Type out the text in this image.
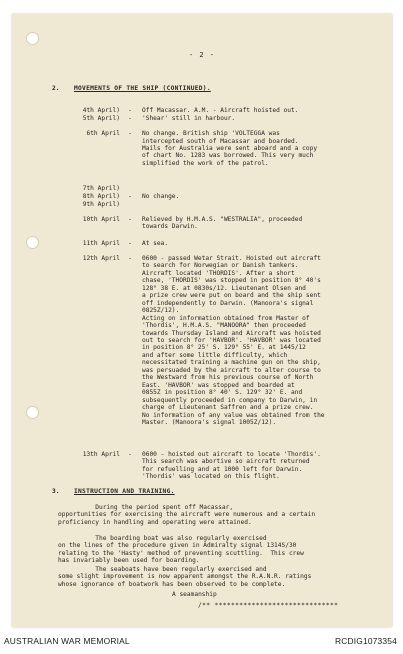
- 2 -
2. MOVEMENTS OF THE SHIP (CONTINUED).
4th April)	-	Off Macassar. A.M. - Aircraft hoisted out.
5th April)	-	'Shear' still in harbour.
6th April	-	No change. British ship 'VOLTEGGA was
intercepted south of Macassar and boarded.
Mails for Australia were sent aboard and a copy
of chart No. 1283 was borrowed. This very much
simplified the work of the patrol.
7th April)
8th April)	-	No change.
9th April)
10th April	-	Relieved by H.M.A.S. "WESTRALIA", proceeded
towards Darwin.
11th April	-	At sea.
12th April	-	0600 - passed Wetar Strait. Hoisted out aircraft
to search for Norwegian or Danish tankers.
Aircraft located 'THORDIS'. After a short
chase, 'THORDIS' was stopped in position 8° 40's
128° 38 E. at 0830s/12. Lieutenant Olsen and
a prize crew were put on board and the ship sent
off independently to Darwin. (Manoora's signal
0825Z/12).
Acting on information obtained from Master of
'Thordis', H.M.A.S. "MANOORA" then proceeded
towards Thursday Island and Aircraft was hoisted
out to search for 'HAVBOR'. 'HAVBOR' was located
in position 8° 25' S. 129° 55' E. at 1445/12
and after some little difficulty, which
necessitated training a machine gun on the ship,
was persuaded by the aircraft to alter course to
the Westward from his previous course of North
East. 'HAVBOR' was stopped and boarded at
0855Z in position 8° 40' S. 129° 32' E. and
subsequently proceeded in company to Darwin, in
charge of Lieutenant Saffren and a prize crew.
No information of any value was obtained from the
Master. (Manoora's signal 1005Z/12).
13th April	-	0600 - hoisted out aircraft to locate 'Thordis'.
This search was abortive so aircraft returned
for refuelling and at 1000 left for Darwin.
'Thordis' was located on this flight.
3. INSTRUCTION AND TRAINING.
During the period spent off Macassar,
opportunities for exercising the aircraft were numerous and a certain
proficiency in handling and operating were attained.
The boarding boat was also regularly exercised
on the lines of the procedure given in Admiralty signal 1314S/30
relating to the 'Hasty' method of preventing scuttling.  This crew
has invariably been used for boarding.
The seaboats have been regularly exercised and
some slight improvement is now apparent amongst the R.A.N.R. ratings
whose ignorance of boatwork has been observed to be complete.
A seamanship
/** ******************************
AUSTRALIAN WAR MEMORIAL	RCDIG1073354
